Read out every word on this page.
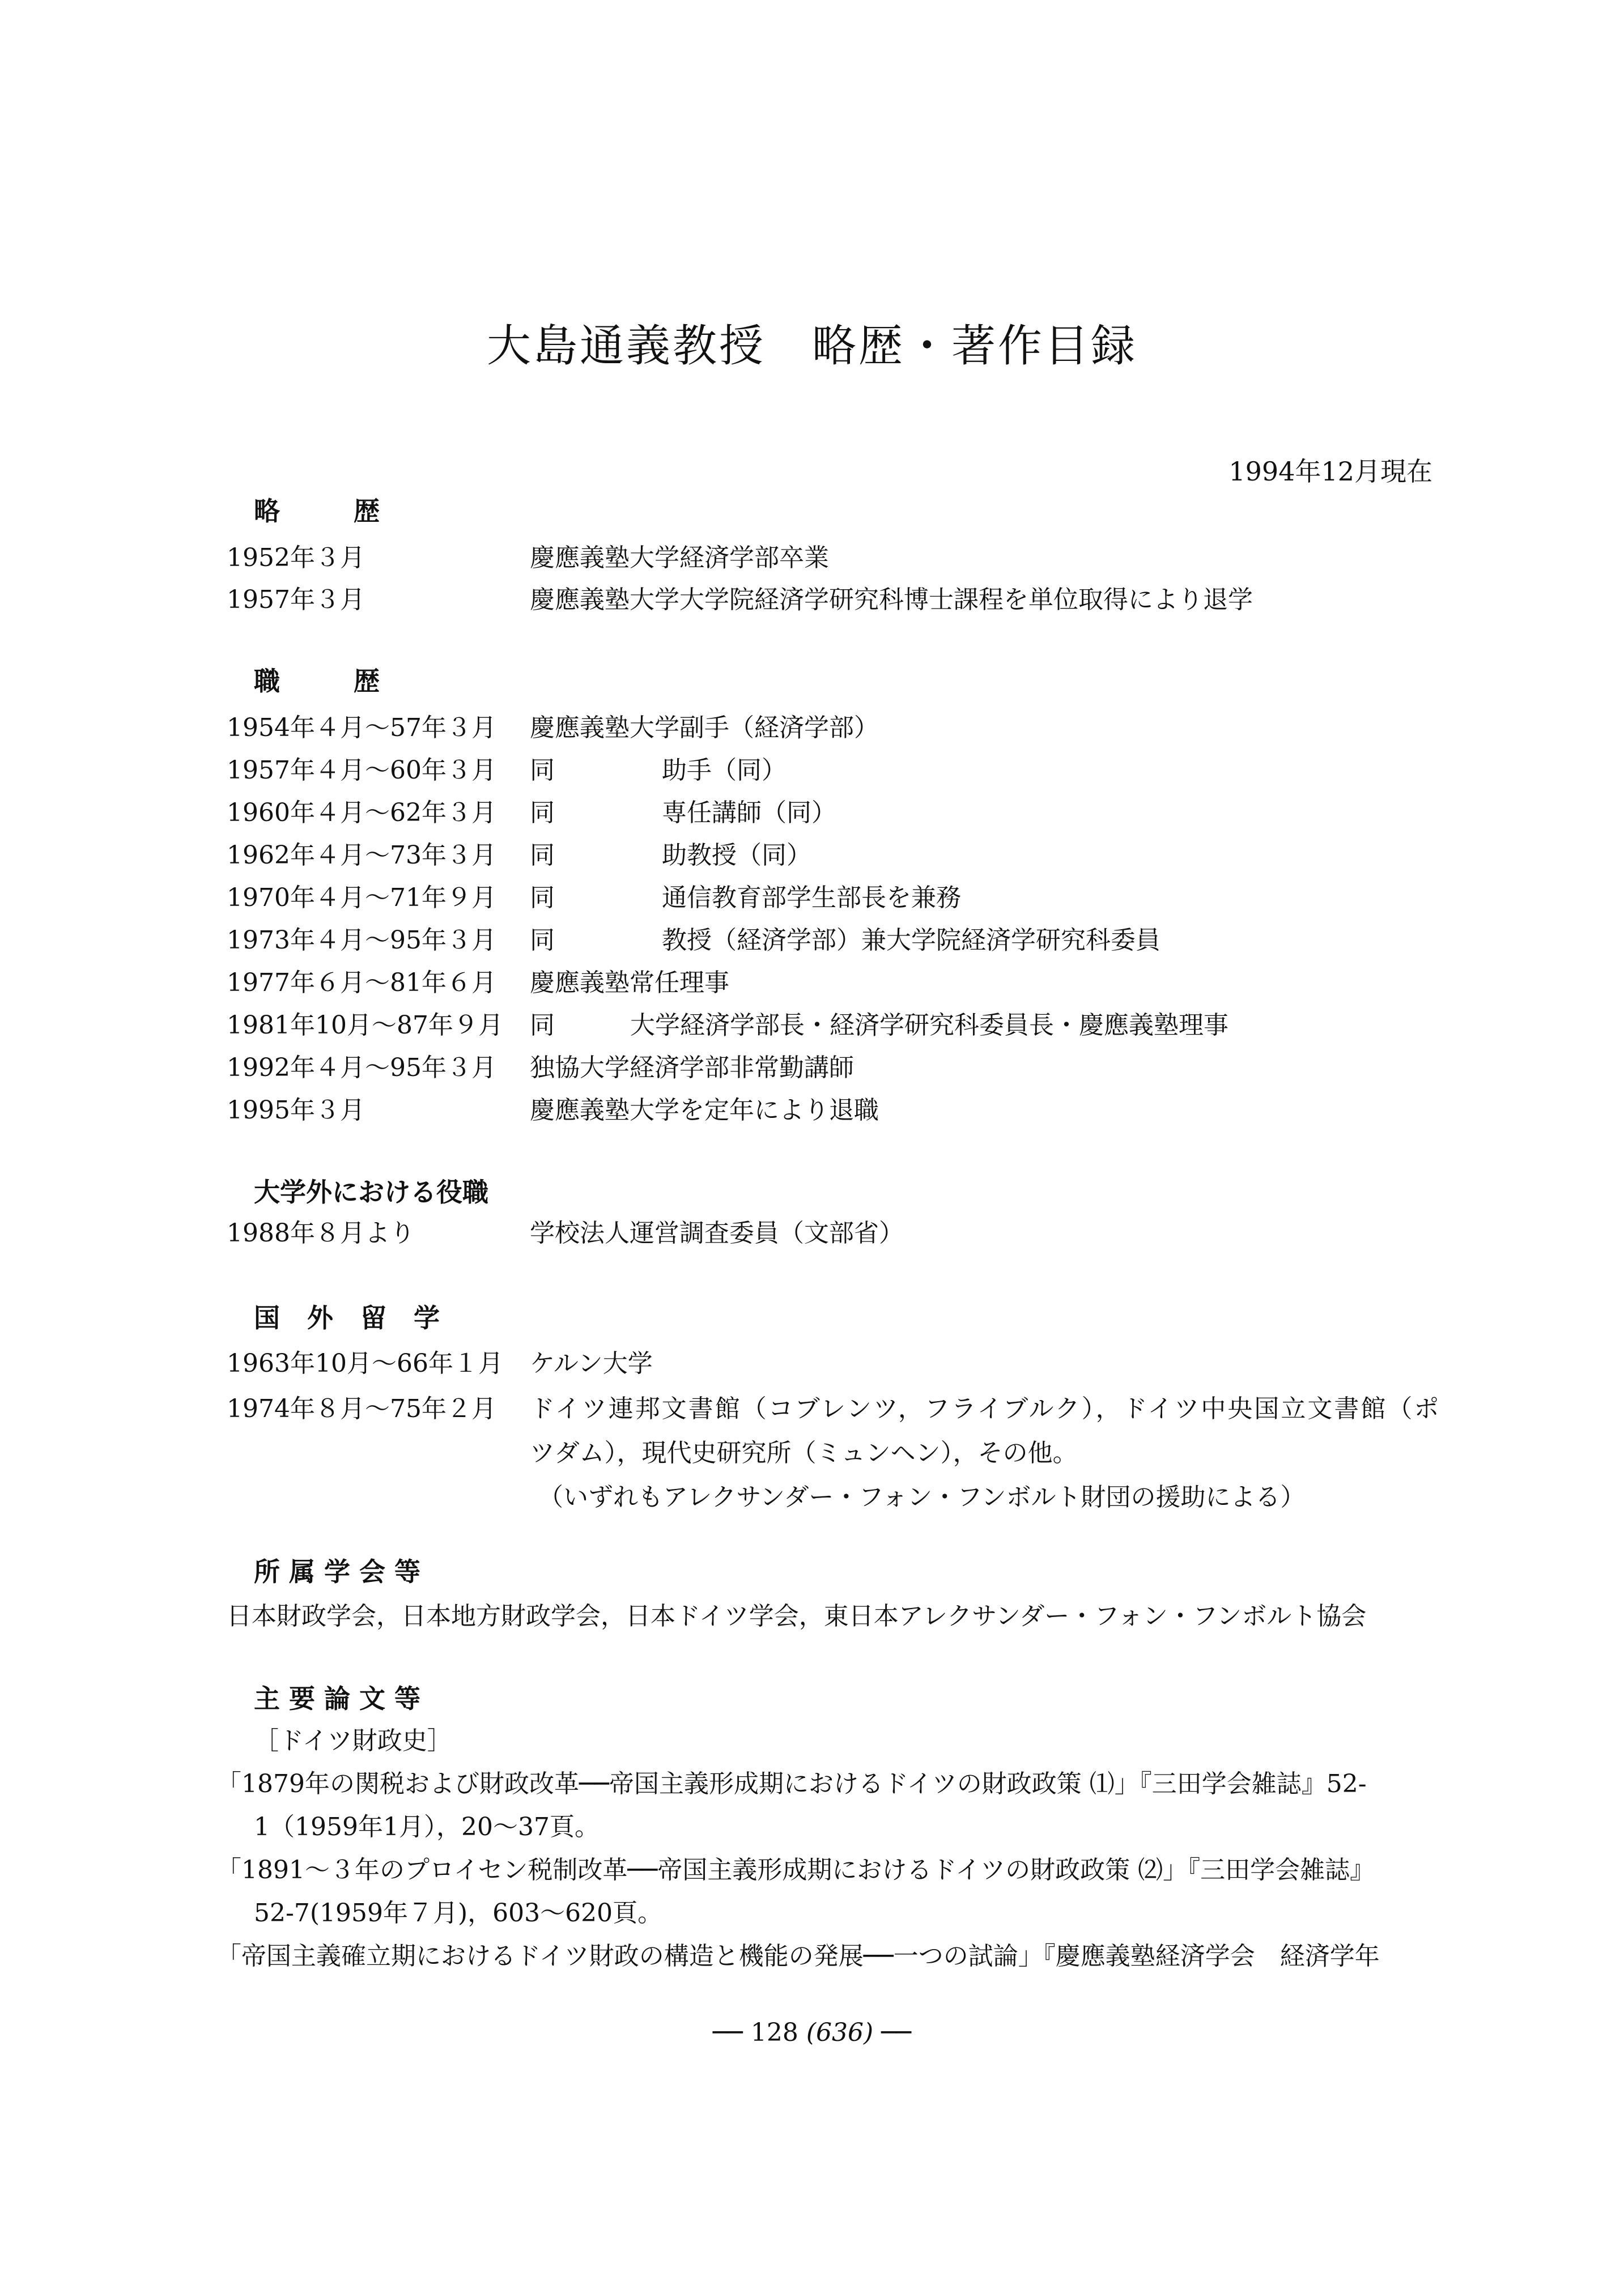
大島通義教授　略歴・著作目録
1994年12月現在
略　歴
1952年３月	慶應義塾大学経済学部卒業
1957年３月	慶應義塾大学大学院経済学研究科博士課程を単位取得により退学
職　歴
1954年４月〜57年３月 慶應義塾大学副手（経済学部）
1957年４月〜60年３月 同	助手（同）
1960年４月〜62年３月 同	専任講師（同）
1962年４月〜73年３月 同	助教授（同）
1970年４月〜71年９月 同	通信教育部学生部長を兼務
1973年４月〜95年３月 同	教授（経済学部）兼大学院経済学研究科委員
1977年６月〜81年６月 慶應義塾常任理事
1981年10月〜87年９月 同	大学経済学部長・経済学研究科委員長・慶應義塾理事
1992年４月〜95年３月 独協大学経済学部非常勤講師
1995年３月	慶應義塾大学を定年により退職
大学外における役職
1988年８月より	学校法人運営調査委員（文部省）
国 外 留 学
1963年10月〜66年１月 ケルン大学
1974年８月〜75年２月 ドイツ連邦文書館（コブレンツ，フライブルク），ドイツ中央国立文書館（ポ
ツダム），現代史研究所（ミュンヘン），その他。
（いずれもアレクサンダー・フォン・フンボルト財団の援助による）
所属学会等
日本財政学会，日本地方財政学会，日本ドイツ学会，東日本アレクサンダー・フォン・フンボルト協会
主要論文等
［ドイツ財政史］
「1879年の関税および財政改革──帝国主義形成期におけるドイツの財政政策 ⑴」『三田学会雑誌』52-
1（1959年1月），20〜37頁。
「1891〜３年のプロイセン税制改革──帝国主義形成期におけるドイツの財政政策 ⑵」『三田学会雑誌』
52-7(1959年７月)，603〜620頁。
「帝国主義確立期におけるドイツ財政の構造と機能の発展──一つの試論」『慶應義塾経済学会　経済学年
── 128 (636) ──
